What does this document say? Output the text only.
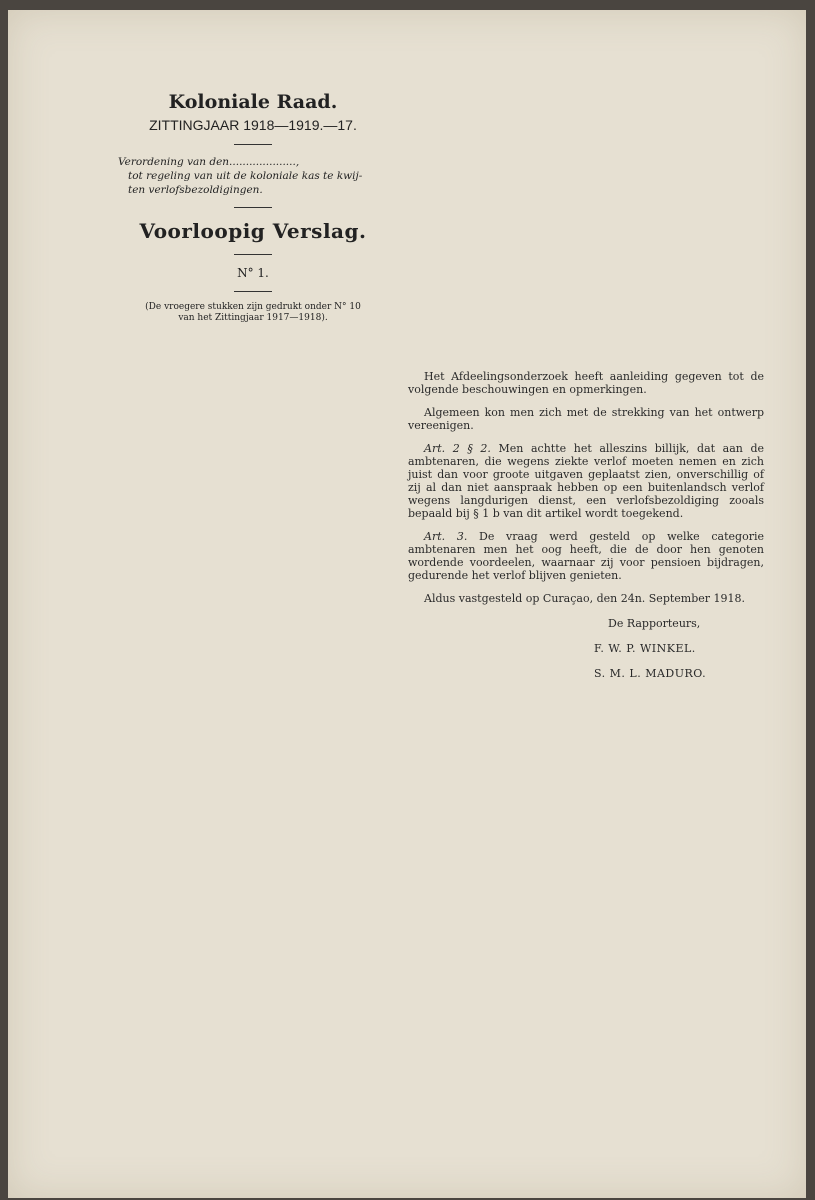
Koloniale Raad.

ZITTINGJAAR 1918—1919.—17.

Verordening van den....................,
tot regeling van uit de koloniale kas te kwij-
ten verlofsbezoldigingen.

Voorloopig Verslag.

N° 1.

(De vroegere stukken zijn gedrukt onder N° 10
van het Zittingjaar 1917—1918).

Het Afdeelingsonderzoek heeft aanleiding gegeven tot de volgende beschouwingen en opmerkingen.

Algemeen kon men zich met de strekking van het ontwerp vereenigen.

Art. 2 § 2. Men achtte het alleszins billijk, dat aan de ambtenaren, die wegens ziekte verlof moeten nemen en zich juist dan voor groote uitgaven geplaatst zien, onverschillig of zij al dan niet aanspraak hebben op een buitenlandsch verlof wegens langdurigen dienst, een verlofsbezoldiging zooals bepaald bij § 1 b van dit artikel wordt toegekend.

Art. 3. De vraag werd gesteld op welke categorie ambtenaren men het oog heeft, die de door hen genoten wordende voordeelen, waarnaar zij voor pensioen bijdragen, gedurende het verlof blijven genieten.

Aldus vastgesteld op Curaçao, den 24n. September 1918.

De Rapporteurs,
F. W. P. WINKEL.
S. M. L. MADURO.
